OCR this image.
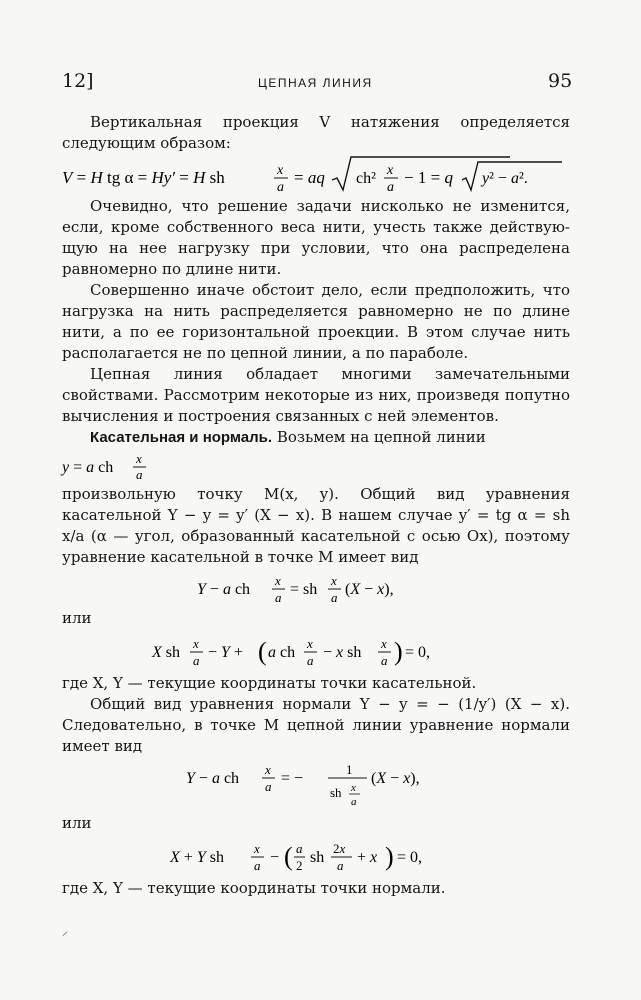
12]	ЦЕПНАЯ ЛИНИЯ	95

Вертикальная проекция V натяжения определяется следующим образом:

V = H tg α = Hy′ = H sh	x
a
= aq ch² x
a
− 1 = q y² − a².

Очевидно, что решение задачи нисколько не изменится, если, кроме собственного веса нити, учесть также действующую на нее нагрузку при условии, что она распределена равномерно по длине нити.

Совершенно иначе обстоит дело, если предположить, что нагрузка на нить распределяется равномерно не по длине нити, а по ее горизонтальной проекции. В этом случае нить располагается не по цепной линии, а по параболе.

Цепная линия обладает многими замечательными свойствами. Рассмотрим некоторые из них, произведя попутно вычисления и построения связанных с ней элементов.

Касательная и нормаль. Возьмем на цепной линии

y = a ch
x
a

произвольную точку M(x, y). Общий вид уравнения касательной Y − y = y′ (X − x). В нашем случае y′ = tg α = sh x/a (α — угол, образованный касательной с осью Ox), поэтому уравнение касательной в точке M имеет вид

Y − a ch
x
a = sh
x
a (X − x),

или

X sh
x
a − Y + ( a ch
x
a − x sh
x
a ) = 0,

где X, Y — текущие координаты точки касательной.

Общий вид уравнения нормали Y − y = − (1/y′) (X − x). Следовательно, в точке M цепной линии уравнение нормали имеет вид

Y − a ch
x
a = −
1
sh x
a
(X − x),

или

X + Y sh
x
a − ( a
2 sh
2x
a + x ) = 0,

где X, Y — текущие координаты точки нормали.

⸝
